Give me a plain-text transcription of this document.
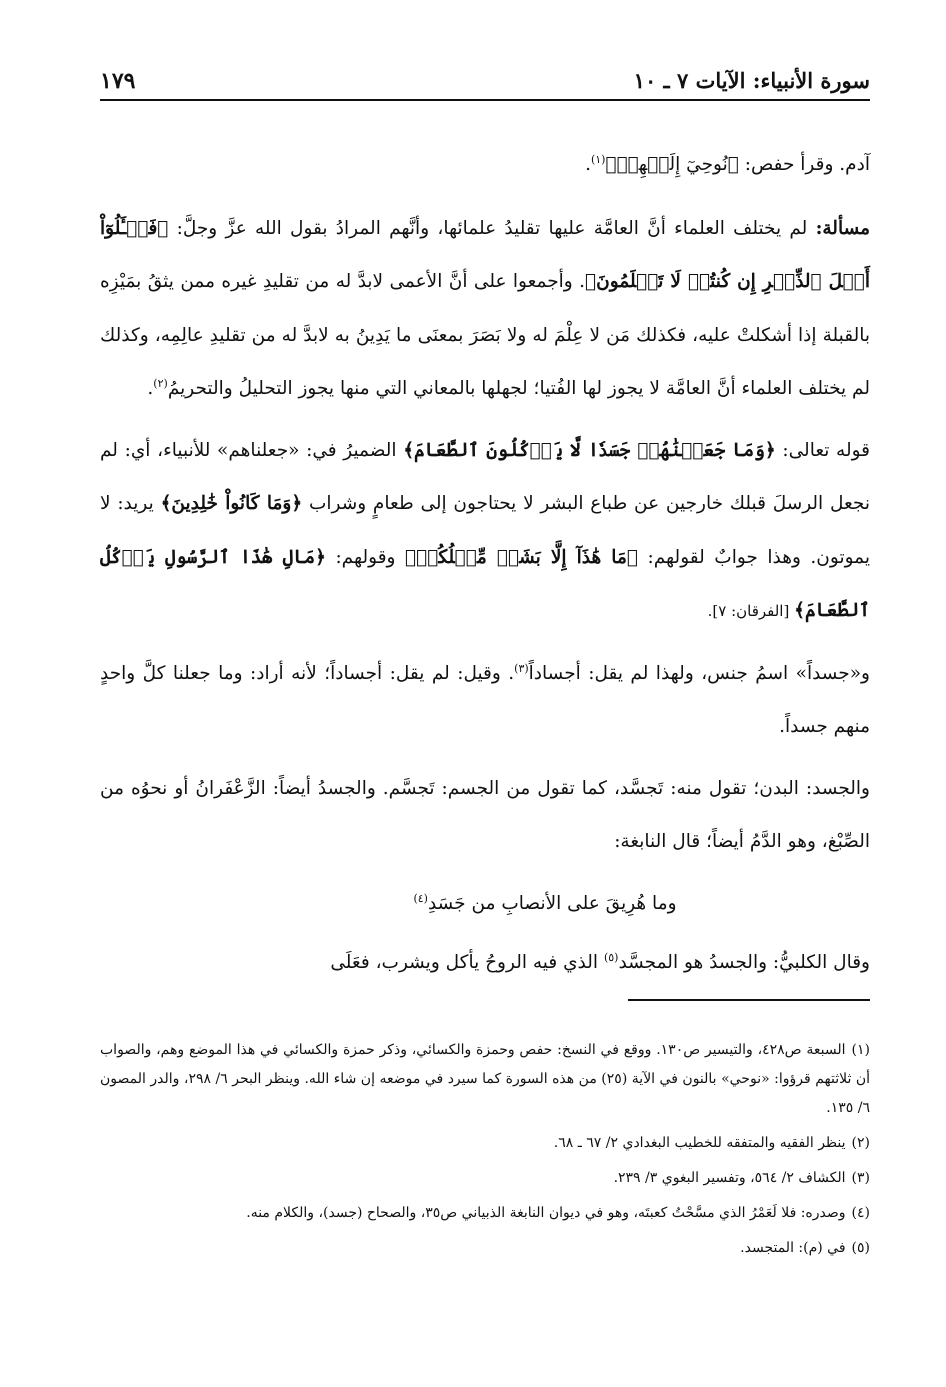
سورة الأنبياء: الآيات ٧ ـ ١٠
١٧٩

آدم. وقرأ حفص: ﴿نُوحِيٓ إِلَيۡهِمۡ﴾$^{(١)}$.

مسألة: لم يختلف العلماء أنَّ العامَّة عليها تقليدُ علمائها، وأنَّهم المرادُ بقول الله عزَّ وجلَّ: ﴿فَسۡـَٔلُوٓاْ أَهۡلَ ٱلذِّكۡرِ إِن كُنتُمۡ لَا تَعۡلَمُونَ﴾. وأجمعوا على أنَّ الأعمى لابدَّ له من تقليدِ غيره ممن يثقُ بمَيْزِه بالقبلة إذا أشكلتْ عليه، فكذلك مَن لا عِلْمَ له ولا بَصَرَ بمعنَى ما يَدِينُ به لابدَّ له من تقليدِ عالِمِه، وكذلك لم يختلف العلماء أنَّ العامَّة لا يجوز لها الفُتيا؛ لجهلها بالمعاني التي منها يجوز التحليلُ والتحريمُ$^{(٢)}$.

قوله تعالى: ﴿وَمَا جَعَلۡنَٰهُمۡ جَسَدٗا لَّا يَأۡكُلُونَ ٱلطَّعَامَ﴾ الضميرُ في: «جعلناهم» للأنبياء، أي: لم نجعل الرسلَ قبلك خارجين عن طباع البشر لا يحتاجون إلى طعامٍ وشراب ﴿وَمَا كَانُواْ خَٰلِدِينَ﴾ يريد: لا يموتون. وهذا جوابٌ لقولهم: ﴿مَا هَٰذَآ إِلَّا بَشَرٞ مِّثۡلُكُمۡ﴾ وقولهم: ﴿مَالِ هَٰذَا ٱلرَّسُولِ يَأۡكُلُ ٱلطَّعَامَ﴾ [الفرقان: ٧].

و«جسداً» اسمُ جنس، ولهذا لم يقل: أجساداً$^{(٣)}$. وقيل: لم يقل: أجساداً؛ لأنه أراد: وما جعلنا كلَّ واحدٍ منهم جسداً.

والجسد: البدن؛ تقول منه: تَجسَّد، كما تقول من الجسم: تَجسَّم. والجسدُ أيضاً: الزَّعْفَرانُ أو نحوُه من الصِّبْغ، وهو الدَّمُ أيضاً؛ قال النابغة:

وما هُرِيقَ على الأنصابِ من جَسَدِ$^{(٤)}$

وقال الكلبيُّ: والجسدُ هو المجسَّد$^{(٥)}$ الذي فيه الروحُ يأكل ويشرب، فعَلَى

(١)السبعة ص٤٢٨، والتيسير ص١٣٠. ووقع في النسخ: حفص وحمزة والكسائي، وذكر حمزة والكسائي في هذا الموضع وهم، والصواب أن ثلاثتهم قرؤوا: «نوحي» بالنون في الآية (٢٥) من هذه السورة كما سيرد في موضعه إن شاء الله. وينظر البحر ٦/ ٢٩٨، والدر المصون ٦/ ١٣٥.

(٢)ينظر الفقيه والمتفقه للخطيب البغدادي ٢/ ٦٧ ـ ٦٨.

(٣)الكشاف ٢/ ٥٦٤، وتفسير البغوي ٣/ ٢٣٩.

(٤)وصدره: فلا لَعَمْرُ الذي مسَّحْتُ كعبتَه، وهو في ديوان النابغة الذبياني ص٣٥، والصحاح (جسد)، والكلام منه.

(٥)في (م): المتجسد.
